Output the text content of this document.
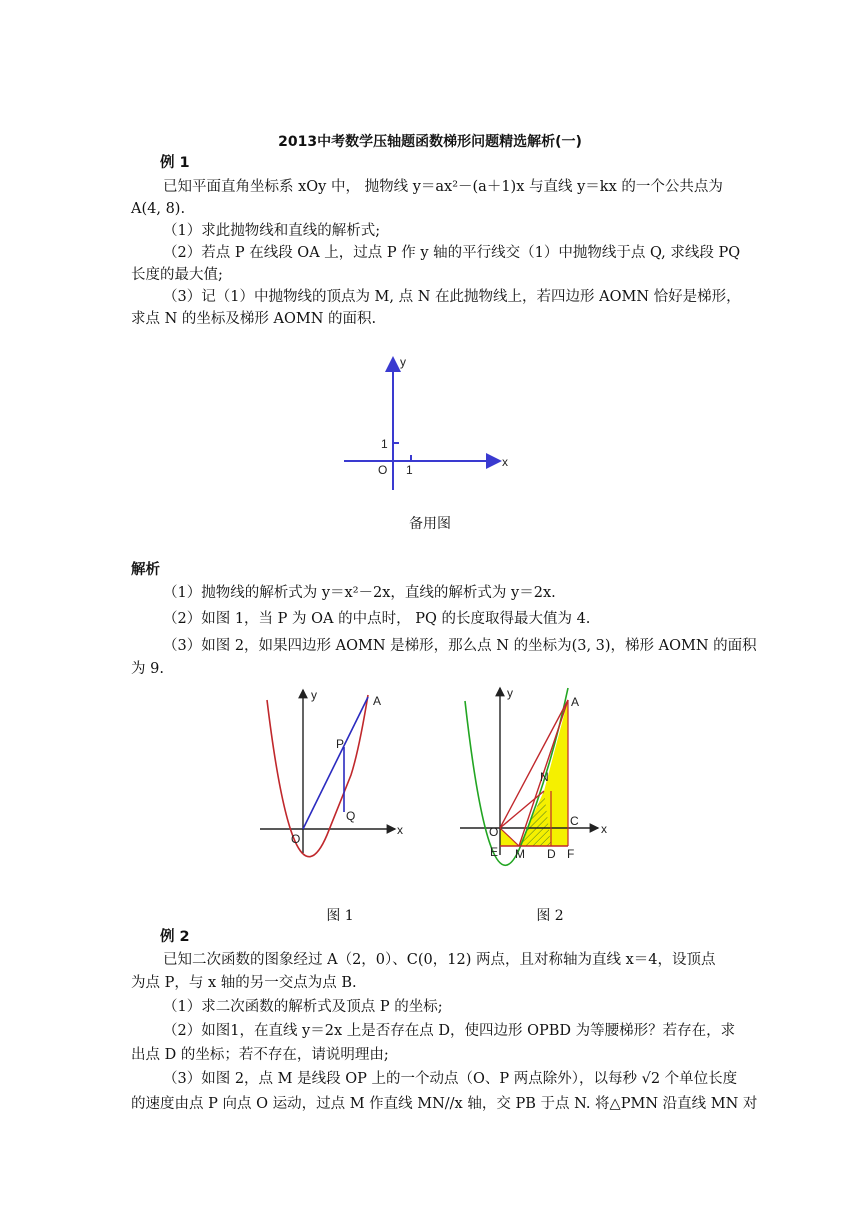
2013中考数学压轴题函数梯形问题精选解析(一)
例 1
已知平面直角坐标系 xOy 中， 抛物线 y＝ax²－(a＋1)x 与直线 y＝kx 的一个公共点为
A(4, 8).
（1）求此抛物线和直线的解析式;
（2）若点 P 在线段 OA 上，过点 P 作 y 轴的平行线交（1）中抛物线于点 Q, 求线段 PQ
长度的最大值;
（3）记（1）中抛物线的顶点为 M, 点 N 在此抛物线上，若四边形 AOMN 恰好是梯形，
求点 N 的坐标及梯形 AOMN 的面积.
y
x
O
1
1
备用图
解析
（1）抛物线的解析式为 y＝x²－2x，直线的解析式为 y＝2x.
（2）如图 1，当 P 为 OA 的中点时， PQ 的长度取得最大值为 4.
（3）如图 2，如果四边形 AOMN 是梯形，那么点 N 的坐标为(3, 3)，梯形 AOMN 的面积
为 9.
y
x
O
A
P
Q
图 1
y
x
O
A
N
C
E M D F
图 2
例 2
已知二次函数的图象经过 A（2，0）、C(0，12) 两点，且对称轴为直线 x＝4，设顶点
为点 P，与 x 轴的另一交点为点 B.
（1）求二次函数的解析式及顶点 P 的坐标;
（2）如图1，在直线 y＝2x 上是否存在点 D，使四边形 OPBD 为等腰梯形？若存在，求
出点 D 的坐标；若不存在，请说明理由;
（3）如图 2，点 M 是线段 OP 上的一个动点（O、P 两点除外），以每秒 √2 个单位长度
的速度由点 P 向点 O 运动，过点 M 作直线 MN//x 轴，交 PB 于点 N. 将△PMN 沿直线 MN 对
